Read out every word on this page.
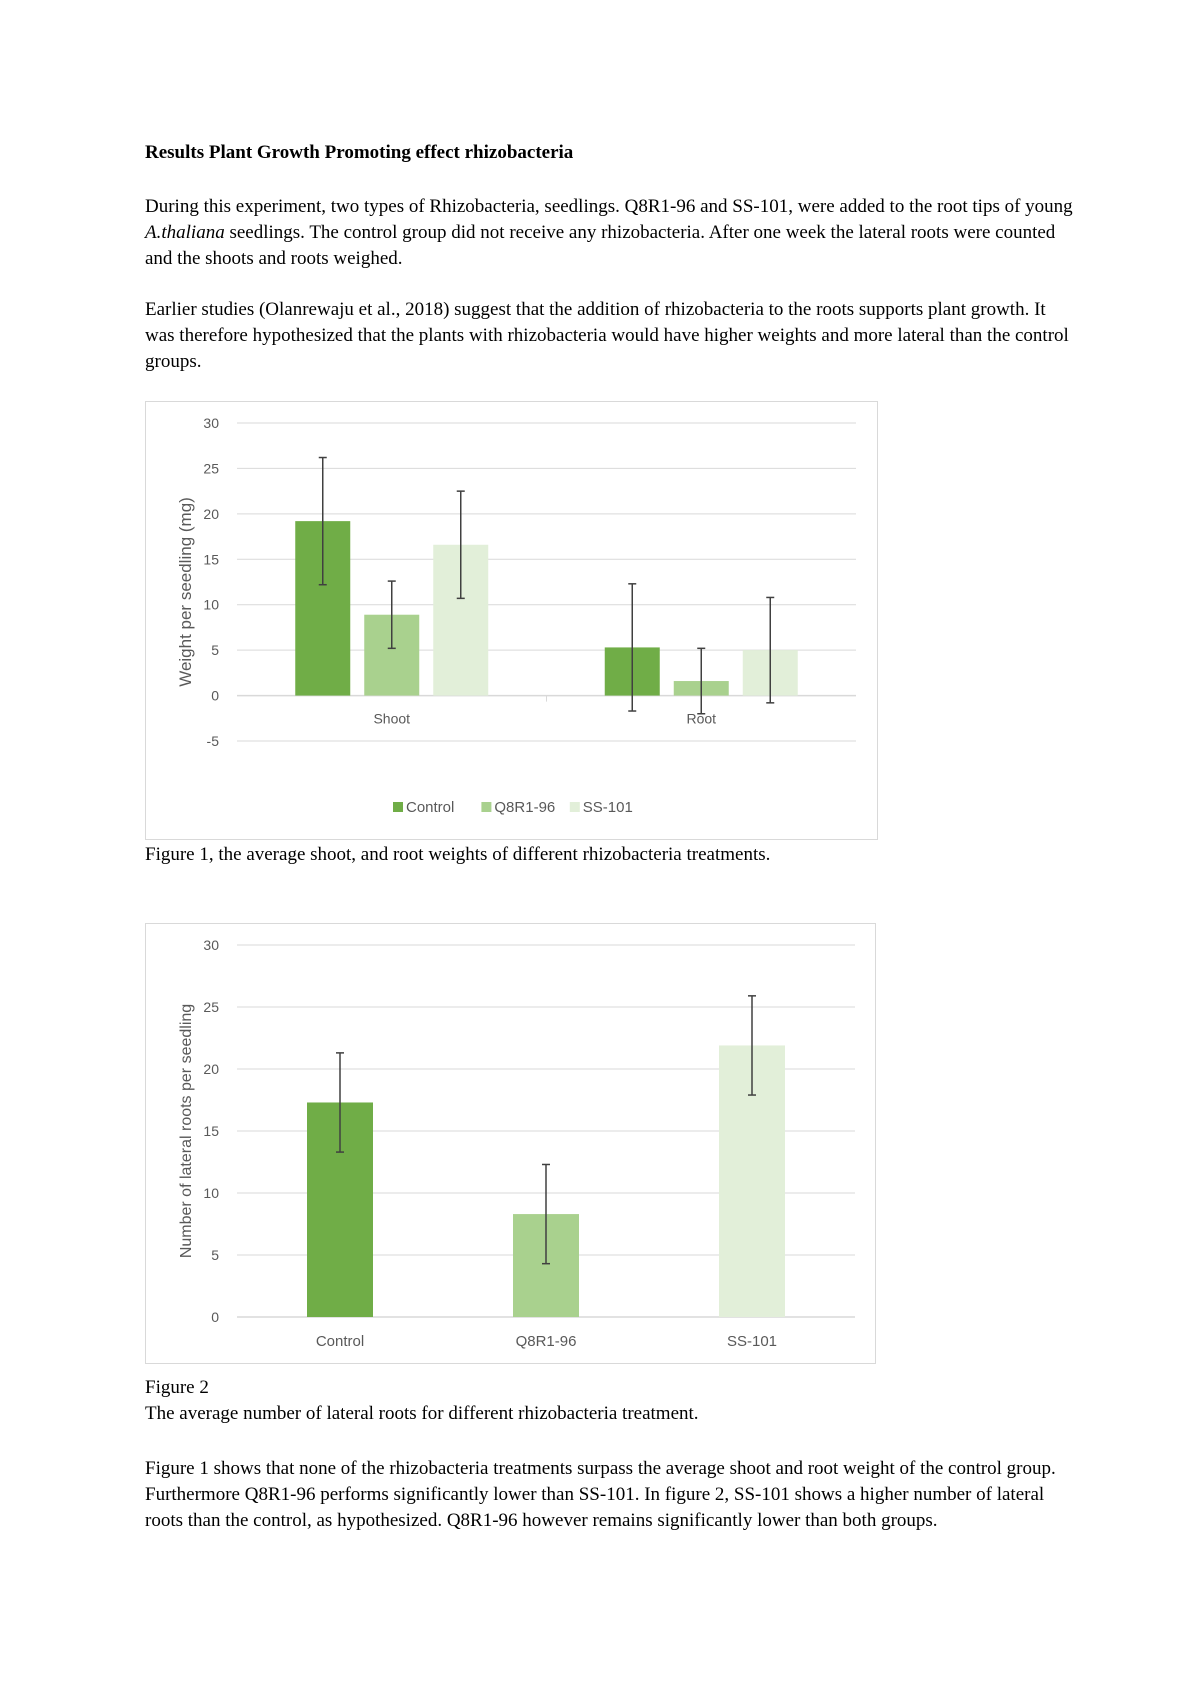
Results Plant Growth Promoting effect rhizobacteria
During this experiment, two types of Rhizobacteria, seedlings. Q8R1-96 and SS-101, were added to the root tips of young A.thaliana seedlings. The control group did not receive any rhizobacteria. After one week the lateral roots were counted and the shoots and roots weighed.
Earlier studies (Olanrewaju et al., 2018) suggest that the addition of rhizobacteria to the roots supports plant growth. It was therefore hypothesized that the plants with rhizobacteria would have higher weights and more lateral than the control groups.
-5
0
5
10
15
20
25
30
Shoot	Root
Weight per seedling (mg)
Control	Q8R1-96 SS-101
Figure 1, the average shoot, and root weights of different rhizobacteria treatments.
0
5
10
15
20
25
30
Control	Q8R1-96	SS-101
Number of lateral roots per seedling
Figure 2
The average number of lateral roots for different rhizobacteria treatment.
Figure 1 shows that none of the rhizobacteria treatments surpass the average shoot and root weight of the control group. Furthermore Q8R1-96 performs significantly lower than SS-101. In figure 2, SS-101 shows a higher number of lateral roots than the control, as hypothesized. Q8R1-96 however remains significantly lower than both groups.
